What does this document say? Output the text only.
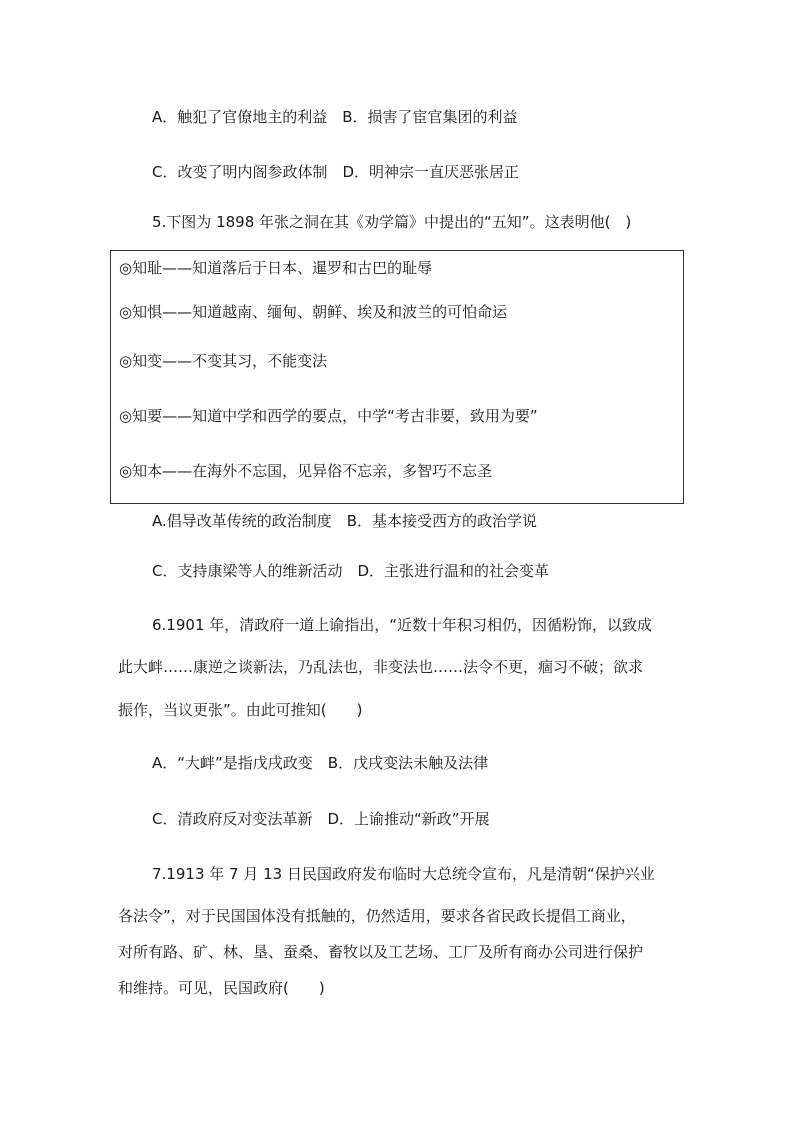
A．触犯了官僚地主的利益　B．损害了宦官集团的利益
C．改变了明内阁参政体制　D．明神宗一直厌恶张居正
5.下图为 1898 年张之洞在其《劝学篇》中提出的“五知”。这表明他(　)
◎知耻——知道落后于日本、暹罗和古巴的耻辱
◎知惧——知道越南、缅甸、朝鲜、埃及和波兰的可怕命运
◎知变——不变其习，不能变法
◎知要——知道中学和西学的要点，中学“考古非要，致用为要”
◎知本——在海外不忘国，见异俗不忘亲，多智巧不忘圣
A.倡导改革传统的政治制度　B．基本接受西方的政治学说
C．支持康梁等人的维新活动　D．主张进行温和的社会变革
6.1901 年，清政府一道上谕指出，“近数十年积习相仍，因循粉饰，以致成
此大衅……康逆之谈新法，乃乱法也，非变法也……法令不更，痼习不破；欲求
振作，当议更张”。由此可推知(　　)
A．“大衅”是指戊戌政变　B．戊戌变法未触及法律
C．清政府反对变法革新　D．上谕推动“新政”开展
7.1913 年 7 月 13 日民国政府发布临时大总统令宣布，凡是清朝“保护兴业
各法令”，对于民国国体没有抵触的，仍然适用，要求各省民政长提倡工商业，
对所有路、矿、林、垦、蚕桑、畜牧以及工艺场、工厂及所有商办公司进行保护
和维持。可见，民国政府(　　)
